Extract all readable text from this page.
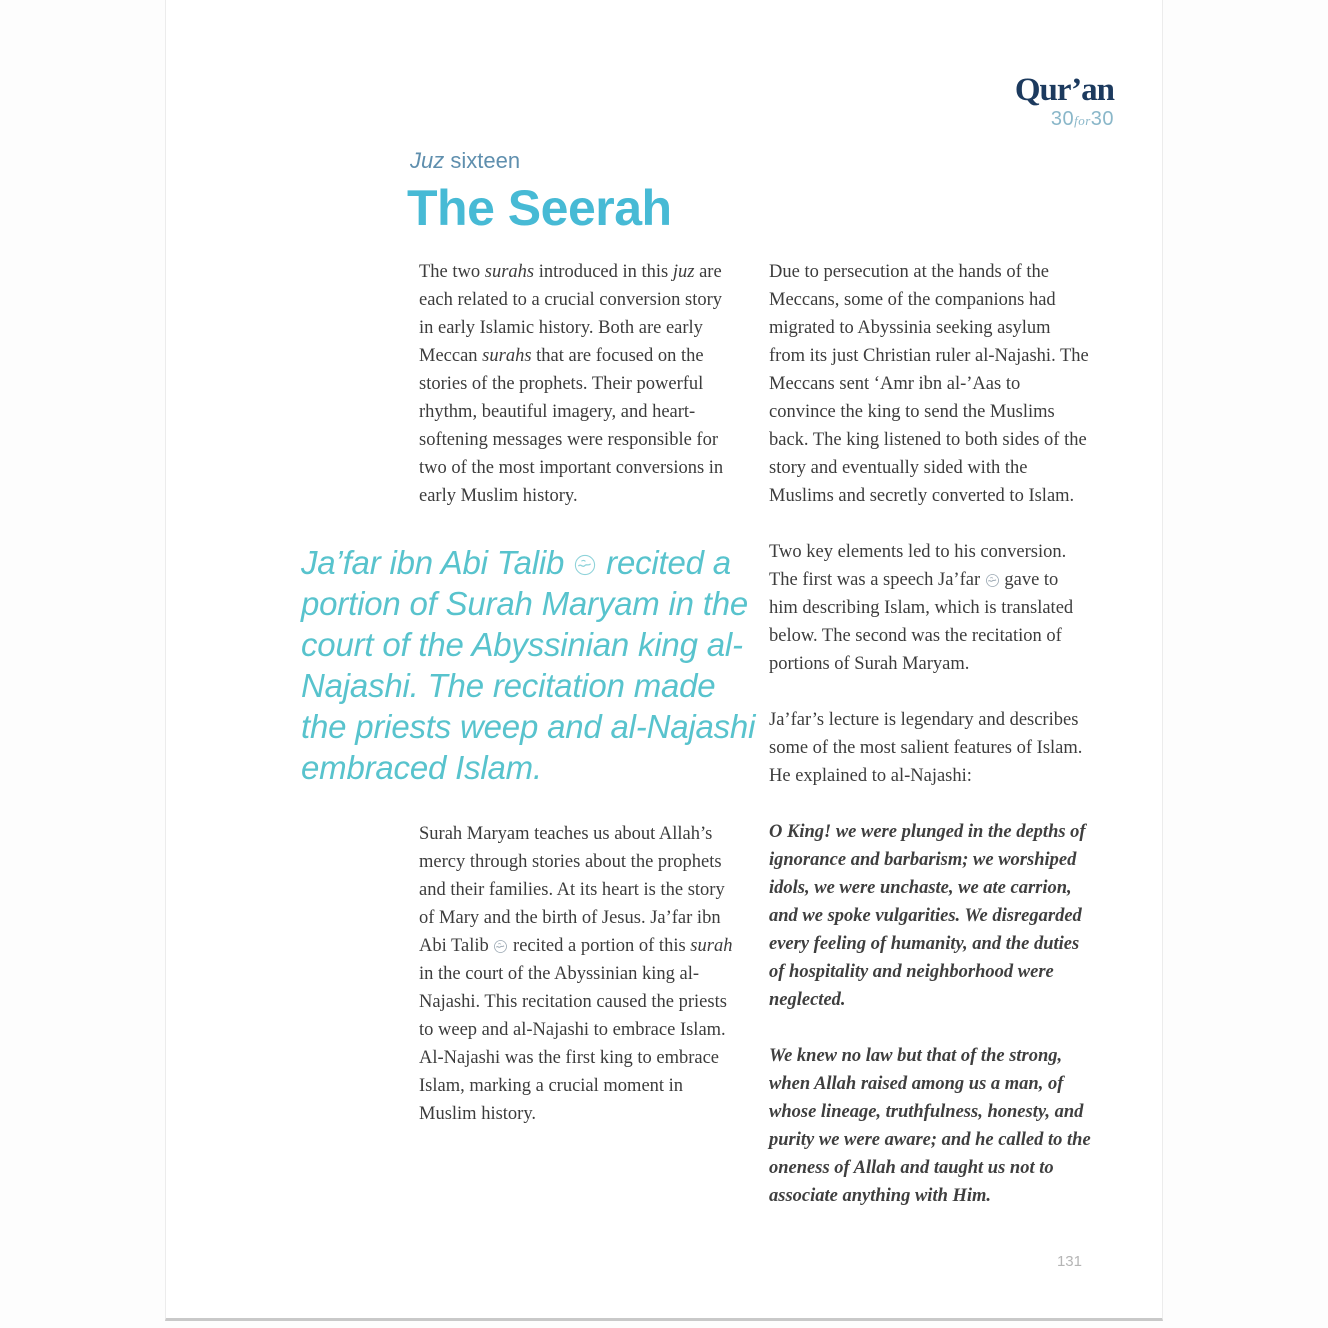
Qur’an
30for30
Juz sixteen
The Seerah

The two surahs introduced in this juz are each related to a crucial conversion story in early Islamic history. Both are early Meccan surahs that are focused on the stories of the prophets. Their powerful rhythm, beautiful imagery, and heart-softening messages were responsible for two of the most important conversions in early Muslim history.

Ja’far ibn Abi Talib  recited a portion of Surah Maryam in the court of the Abyssinian king al-Najashi. The recitation made the priests weep and al-Najashi embraced Islam.

Surah Maryam teaches us about Allah’s mercy through stories about the prophets and their families. At its heart is the story of Mary and the birth of Jesus. Ja’far ibn Abi Talib  recited a portion of this surah in the court of the Abyssinian king al-Najashi. This recitation caused the priests to weep and al-Najashi to embrace Islam. Al-Najashi was the first king to embrace Islam, marking a crucial moment in Muslim history.

Due to persecution at the hands of the Meccans, some of the companions had migrated to Abyssinia seeking asylum from its just Christian ruler al-Najashi. The Meccans sent ‘Amr ibn al-’Aas to convince the king to send the Muslims back. The king listened to both sides of the story and eventually sided with the Muslims and secretly converted to Islam.

Two key elements led to his conversion. The first was a speech Ja’far  gave to him describing Islam, which is translated below. The second was the recitation of portions of Surah Maryam.

Ja’far’s lecture is legendary and describes some of the most salient features of Islam. He explained to al-Najashi:

O King! we were plunged in the depths of ignorance and barbarism; we worshiped idols, we were unchaste, we ate carrion, and we spoke vulgarities. We disregarded every feeling of humanity, and the duties of hospitality and neighborhood were neglected.

We knew no law but that of the strong, when Allah raised among us a man, of whose lineage, truthfulness, honesty, and purity we were aware; and he called to the oneness of Allah and taught us not to associate anything with Him.

131
